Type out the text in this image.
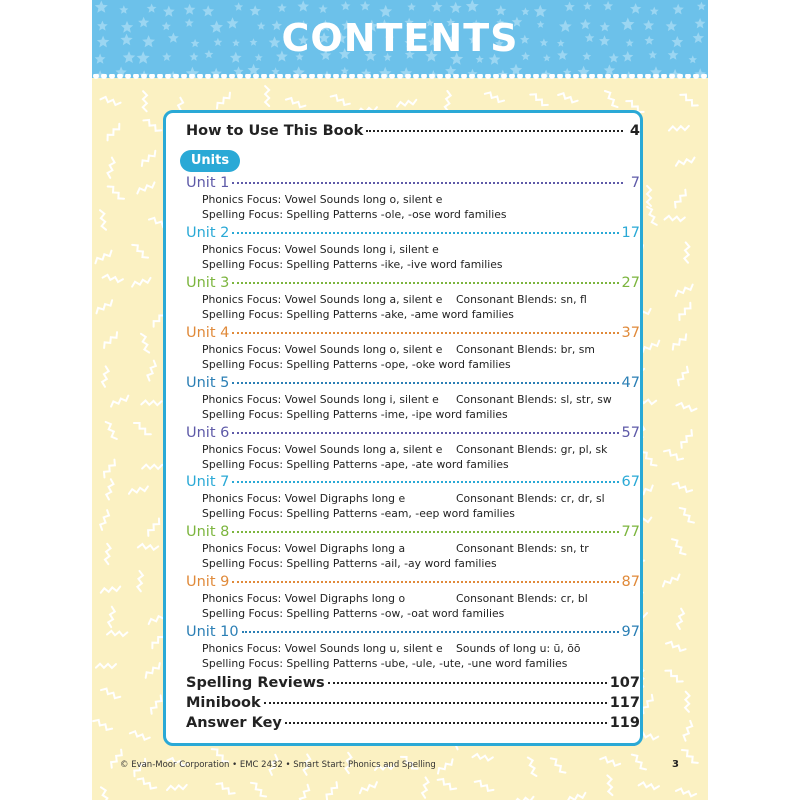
CONTENTS
How to Use This Book	4
Units
Unit 1	7
Phonics Focus: Vowel Sounds long o, silent e
Spelling Focus: Spelling Patterns -ole, -ose word families
Unit 2	17
Phonics Focus: Vowel Sounds long i, silent e
Spelling Focus: Spelling Patterns -ike, -ive word families
Unit 3	27
Phonics Focus: Vowel Sounds long a, silent e Consonant Blends: sn, fl
Spelling Focus: Spelling Patterns -ake, -ame word families
Unit 4	37
Phonics Focus: Vowel Sounds long o, silent e Consonant Blends: br, sm
Spelling Focus: Spelling Patterns -ope, -oke word families
Unit 5	47
Phonics Focus: Vowel Sounds long i, silent e Consonant Blends: sl, str, sw
Spelling Focus: Spelling Patterns -ime, -ipe word families
Unit 6	57
Phonics Focus: Vowel Sounds long a, silent e Consonant Blends: gr, pl, sk
Spelling Focus: Spelling Patterns -ape, -ate word families
Unit 7	67
Phonics Focus: Vowel Digraphs long e	Consonant Blends: cr, dr, sl
Spelling Focus: Spelling Patterns -eam, -eep word families
Unit 8	77
Phonics Focus: Vowel Digraphs long a	Consonant Blends: sn, tr
Spelling Focus: Spelling Patterns -ail, -ay word families
Unit 9	87
Phonics Focus: Vowel Digraphs long o	Consonant Blends: cr, bl
Spelling Focus: Spelling Patterns -ow, -oat word families
Unit 10	97
Phonics Focus: Vowel Sounds long u, silent e Sounds of long u: ū, ōō
Spelling Focus: Spelling Patterns -ube, -ule, -ute, -une word families
Spelling Reviews	107
Minibook	117
Answer Key	119
© Evan-Moor Corporation • EMC 2432 • Smart Start: Phonics and Spelling	3
